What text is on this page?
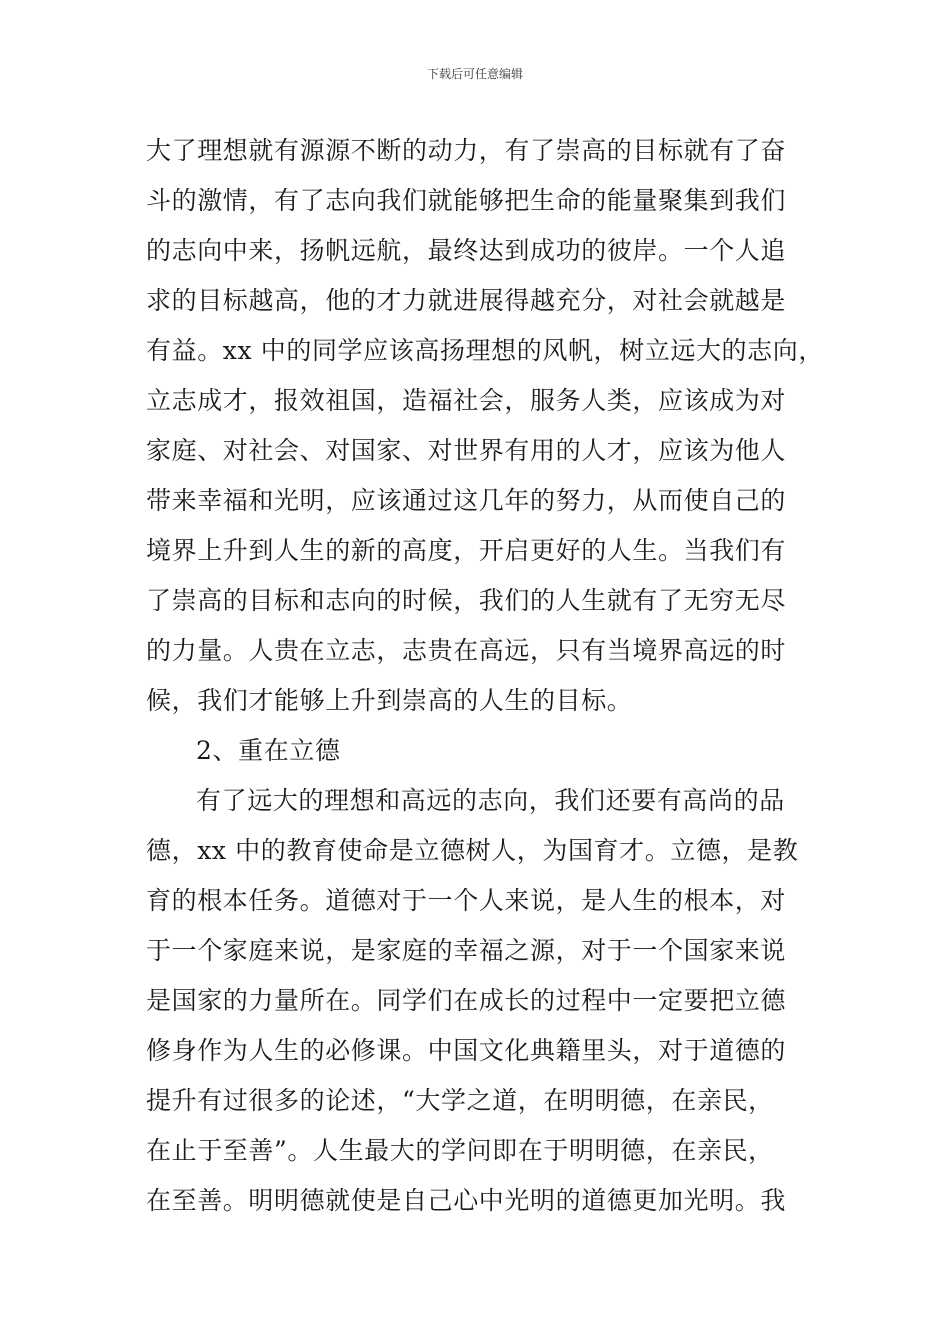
下载后可任意编辑
大了理想就有源源不断的动力，有了崇高的目标就有了奋
斗的激情，有了志向我们就能够把生命的能量聚集到我们
的志向中来，扬帆远航，最终达到成功的彼岸。一个人追
求的目标越高，他的才力就进展得越充分，对社会就越是
有益。xx 中的同学应该高扬理想的风帆，树立远大的志向，
立志成才，报效祖国，造福社会，服务人类，应该成为对
家庭、对社会、对国家、对世界有用的人才，应该为他人
带来幸福和光明，应该通过这几年的努力，从而使自己的
境界上升到人生的新的高度，开启更好的人生。当我们有
了崇高的目标和志向的时候，我们的人生就有了无穷无尽
的力量。人贵在立志，志贵在高远，只有当境界高远的时
候，我们才能够上升到崇高的人生的目标。
2、重在立德
有了远大的理想和高远的志向，我们还要有高尚的品
德，xx 中的教育使命是立德树人，为国育才。立德，是教
育的根本任务。道德对于一个人来说，是人生的根本，对
于一个家庭来说，是家庭的幸福之源，对于一个国家来说
是国家的力量所在。同学们在成长的过程中一定要把立德
修身作为人生的必修课。中国文化典籍里头，对于道德的
提升有过很多的论述，“大学之道，在明明德，在亲民，
在止于至善”。人生最大的学问即在于明明德，在亲民，
在至善。明明德就使是自己心中光明的道德更加光明。我
